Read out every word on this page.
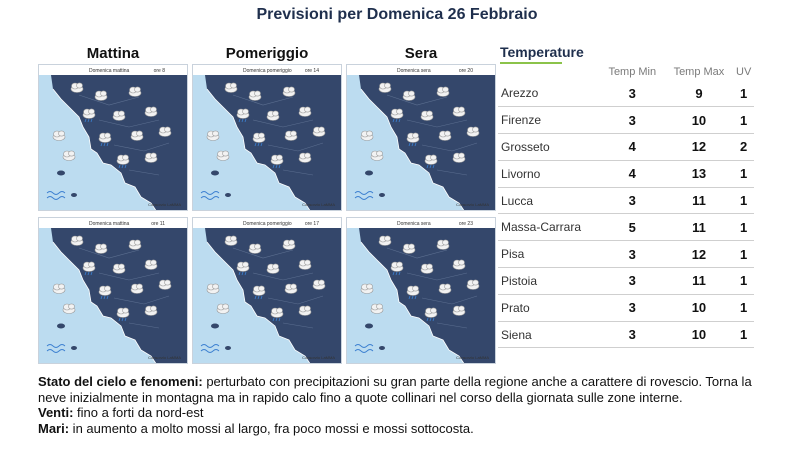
Previsioni per Domenica 26 Febbraio
Mattina	Pomeriggio	Sera
Domenica mattina	ore 8
Consorzio LaMMA
Domenica pomeriggio	ore 14
Consorzio LaMMA
Domenica sera	ore 20
Consorzio LaMMA
Domenica mattina	ore 11
Consorzio LaMMA
Domenica pomeriggio	ore 17
Consorzio LaMMA
Domenica sera	ore 23
Consorzio LaMMA
Temperature
	Temp Min	Temp Max	UV
Arezzo	3	9	1
Firenze	3	10	1
Grosseto	4	12	2
Livorno	4	13	1
Lucca	3	11	1
Massa-Carrara	5	11	1
Pisa	3	12	1
Pistoia	3	11	1
Prato	3	10	1
Siena	3	10	1
Stato del cielo e fenomeni: perturbato con precipitazioni su gran parte della regione anche a carattere di rovescio. Torna la neve inizialmente in montagna ma in rapido calo fino a quote collinari nel corso della giornata sulle zone interne.
Venti: fino a forti da nord-est
Mari: in aumento a molto mossi al largo, fra poco mossi e mossi sottocosta.
